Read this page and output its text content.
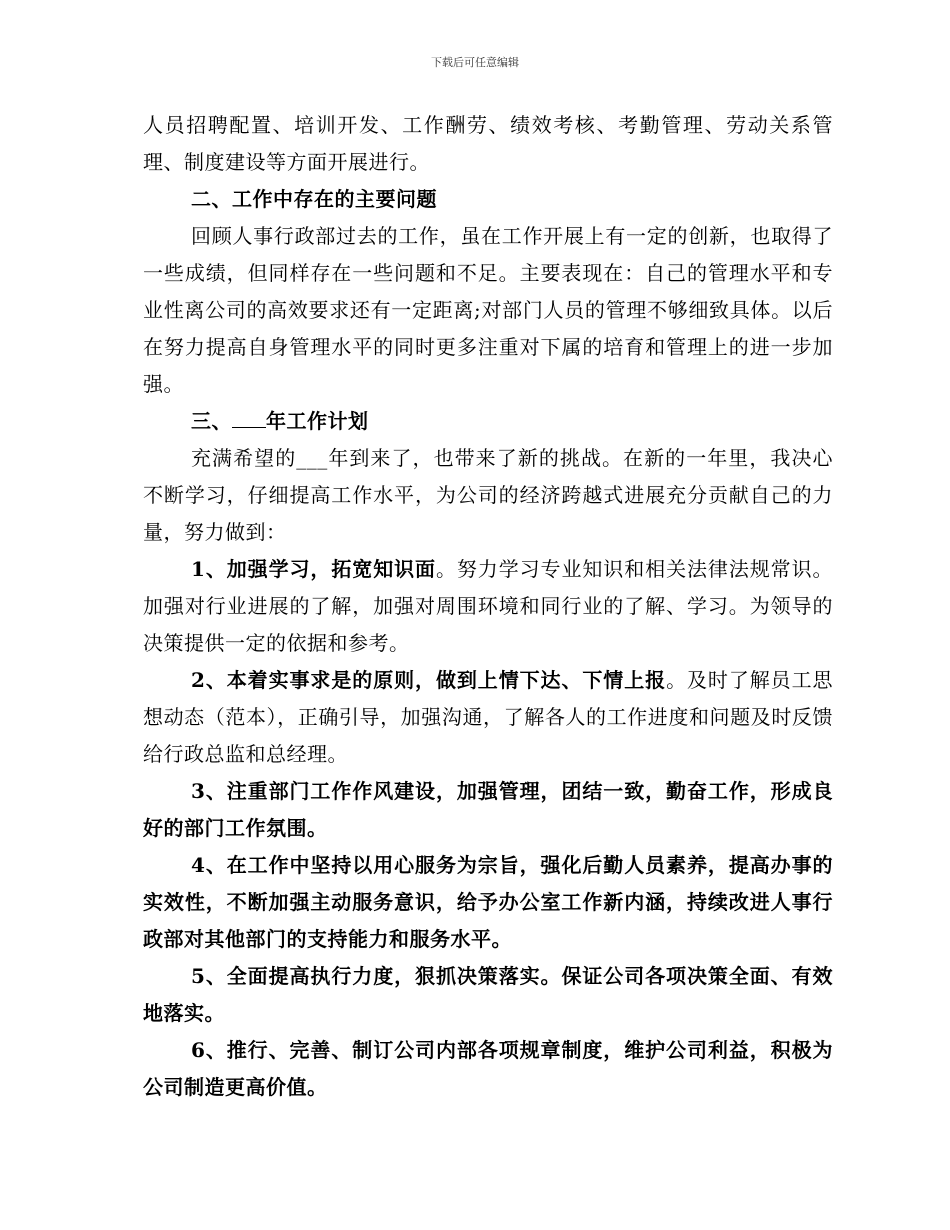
下载后可任意编辑

人员招聘配置、培训开发、工作酬劳、绩效考核、考勤管理、劳动关系管理、制度建设等方面开展进行。

二、工作中存在的主要问题

回顾人事行政部过去的工作，虽在工作开展上有一定的创新，也取得了一些成绩，但同样存在一些问题和不足。主要表现在：自己的管理水平和专业性离公司的高效要求还有一定距离;对部门人员的管理不够细致具体。以后在努力提高自身管理水平的同时更多注重对下属的培育和管理上的进一步加强。

三、 年工作计划

充满希望的___年到来了，也带来了新的挑战。在新的一年里，我决心不断学习，仔细提高工作水平，为公司的经济跨越式进展充分贡献自己的力量，努力做到：

1、加强学习，拓宽知识面。努力学习专业知识和相关法律法规常识。加强对行业进展的了解，加强对周围环境和同行业的了解、学习。为领导的决策提供一定的依据和参考。

2、本着实事求是的原则，做到上情下达、下情上报。及时了解员工思想动态（范本），正确引导，加强沟通，了解各人的工作进度和问题及时反馈给行政总监和总经理。

3、注重部门工作作风建设，加强管理，团结一致，勤奋工作，形成良好的部门工作氛围。

4、在工作中坚持以用心服务为宗旨，强化后勤人员素养，提高办事的实效性，不断加强主动服务意识，给予办公室工作新内涵，持续改进人事行政部对其他部门的支持能力和服务水平。

5、全面提高执行力度，狠抓决策落实。保证公司各项决策全面、有效地落实。

6、推行、完善、制订公司内部各项规章制度，维护公司利益，积极为公司制造更高价值。
